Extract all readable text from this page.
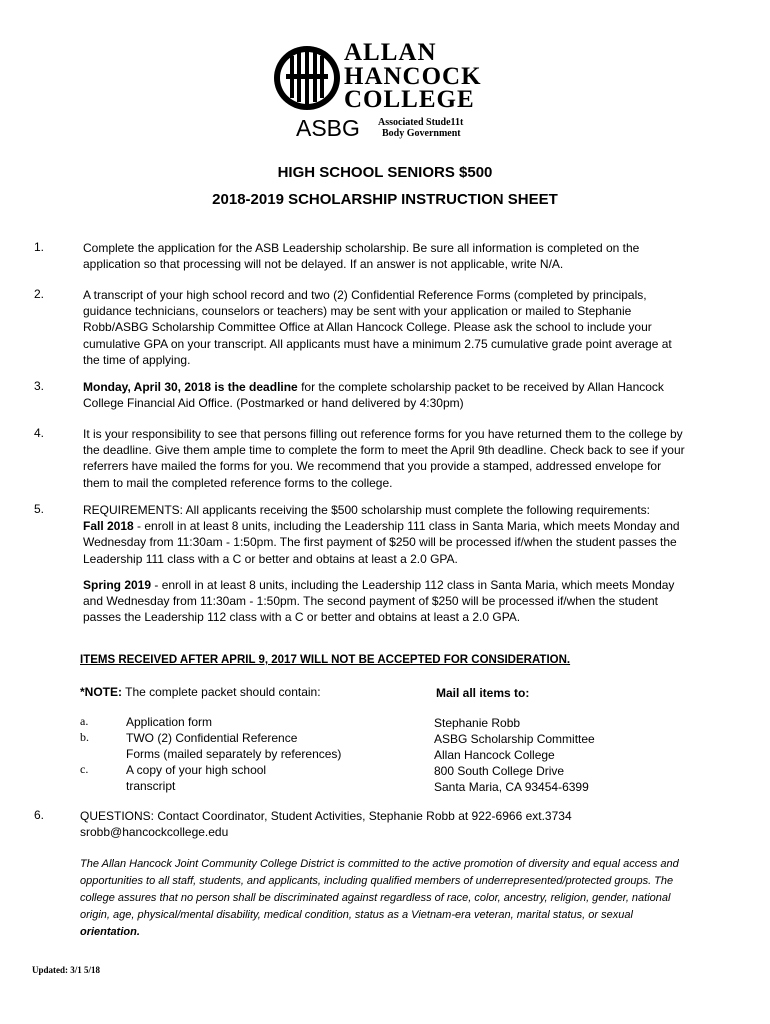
ALLAN
HANCOCK
COLLEGE
ASBG Associated Stude11t
Body Government
HIGH SCHOOL SENIORS $500
2018-2019 SCHOLARSHIP INSTRUCTION SHEET
1.	Complete the application for the ASB Leadership scholarship. Be sure all information is completed on the

application so that processing will not be delayed. If an answer is not applicable, write N/A.

2.	A transcript of your high school record and two (2) Confidential Reference Forms (completed by principals,

guidance technicians, counselors or teachers) may be sent with your application or mailed to Stephanie

Robb/ASBG Scholarship Committee Office at Allan Hancock College. Please ask the school to include your

cumulative GPA on your transcript. All applicants must have a minimum 2.75 cumulative grade point average at

the time of applying.

3.	Monday, April 30, 2018 is the deadline for the complete scholarship packet to be received by Allan Hancock

College Financial Aid Office. (Postmarked or hand delivered by 4:30pm)

4.	It is your responsibility to see that persons filling out reference forms for you have returned them to the college by

the deadline. Give them ample time to complete the form to meet the April 9th deadline. Check back to see if your

referrers have mailed the forms for you. We recommend that you provide a stamped, addressed envelope for

them to mail the completed reference forms to the college.

5.	REQUIREMENTS: All applicants receiving the $500 scholarship must complete the following requirements:

Fall 2018 - enroll in at least 8 units, including the Leadership 111 class in Santa Maria, which meets Monday and

Wednesday from 11:30am - 1:50pm. The first payment of $250 will be processed if/when the student passes the

Leadership 111 class with a C or better and obtains at least a 2.0 GPA.

Spring 2019 - enroll in at least 8 units, including the Leadership 112 class in Santa Maria, which meets Monday

and Wednesday from 11:30am - 1:50pm. The second payment of $250 will be processed if/when the student

passes the Leadership 112 class with a C or better and obtains at least a 2.0 GPA.

ITEMS RECEIVED AFTER APRIL 9, 2017 WILL NOT BE ACCEPTED FOR CONSIDERATION.
*NOTE: The complete packet should contain:	Mail all items to:
a.	Application form
b.	TWO (2) Confidential Reference
Forms (mailed separately by references)
c.	A copy of your high school
transcript
Stephanie Robb
ASBG Scholarship Committee
Allan Hancock College
800 South College Drive
Santa Maria, CA 93454-6399
6.	QUESTIONS: Contact Coordinator, Student Activities, Stephanie Robb at 922-6966 ext.3734

srobb@hancockcollege.edu

The Allan Hancock Joint Community College District is committed to the active promotion of diversity and equal access and
opportunities to all staff, students, and applicants, including qualified members of underrepresented/protected groups. The
college assures that no person shall be discriminated against regardless of race, color, ancestry, religion, gender, national
origin, age, physical/mental disability, medical condition, status as a Vietnam-era veteran, marital status, or sexual
orientation.
Updated: 3/1 5/18
